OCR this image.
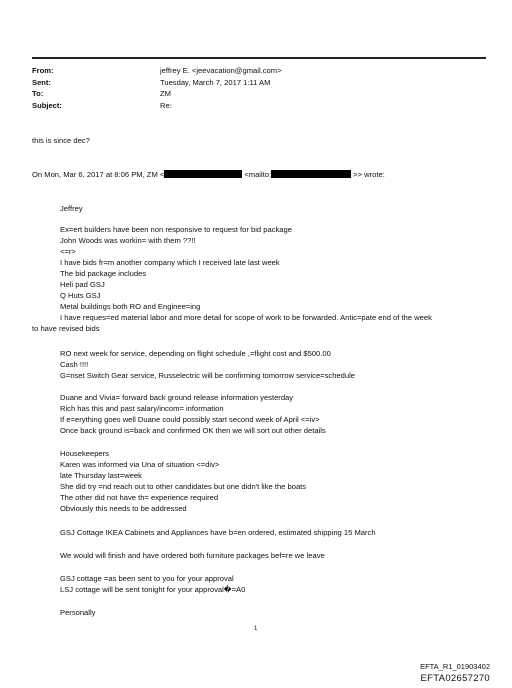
From:	jeffrey E. <jeevacation@gmail.com>
Sent:	Tuesday, March 7, 2017 1:11 AM
To:	ZM
Subject:	Re:
this is since dec?
On Mon, Mar 6, 2017 at 8:06 PM, ZM <	<mailto:	>> wrote:
Jeffrey
Ex=ert builders have been non responsive to request for bid package
John Woods was workin= with them ??!!
<=r>
I have bids fr=m another company which I received late last week
The bid package includes
Heli pad GSJ
Q Huts GSJ
Metal buildings both RO and Enginee=ing
I have reques=ed material labor and more detail for scope of work to be forwarded. Antic=pate end of the week
to have revised bids
RO next week for service, depending on flight schedule ,=flight cost and $500.00
Cash !!!!
G=nset Switch Gear service, Russelectric will be confirming tomorrow service=schedule
Duane and Vivia= forward back ground release information yesterday
Rich has this and past salary/incom= information
If e=erything goes well Duane could possibly start second week of April <=iv>
Once back ground is=back and confirmed OK then we will sort out other details
Housekeepers
Karen was informed via Una of situation <=div>
late Thursday last=week
She did try =nd reach out to other candidates but one didn't like the boats
The other did not have th= experience required
Obviously this needs to be addressed
GSJ Cottage IKEA Cabinets and Appliances have b=en ordered, estimated shipping 15 March
We would will finish and have ordered both furniture packages bef=re we leave
GSJ cottage =as been sent to you for your approval
LSJ cottage will be sent tonight for your approval�=A0
Personally
1
EFTA_R1_01903402
EFTA02657270
